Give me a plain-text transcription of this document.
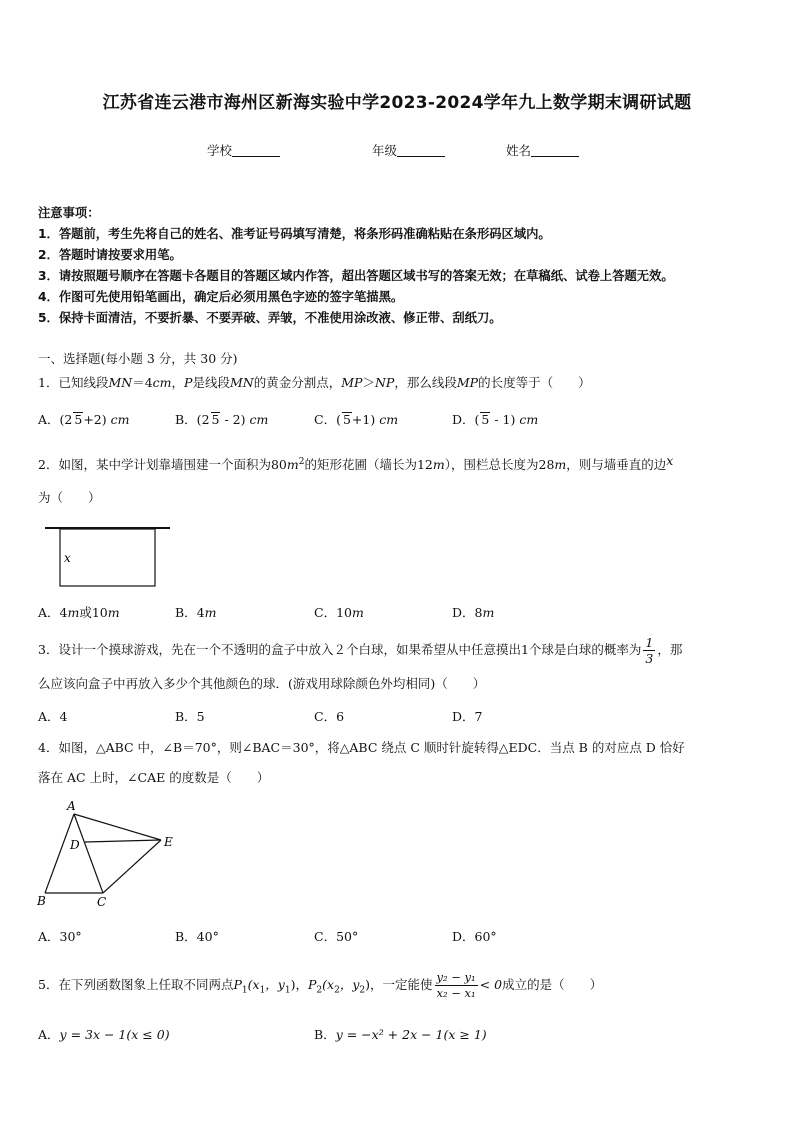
江苏省连云港市海州区新海实验中学2023-2024学年九上数学期末调研试题
学校	年级	姓名
注意事项：
1．答题前，考生先将自己的姓名、准考证号码填写清楚，将条形码准确粘贴在条形码区域内。
2．答题时请按要求用笔。
3．请按照题号顺序在答题卡各题目的答题区域内作答，超出答题区域书写的答案无效；在草稿纸、试卷上答题无效。
4．作图可先使用铅笔画出，确定后必须用黑色字迹的签字笔描黑。
5．保持卡面清洁，不要折暴、不要弄破、弄皱，不准使用涂改液、修正带、刮纸刀。
一、选择题(每小题 3 分，共 30 分)
1．已知线段MN＝4cm，P是线段MN的黄金分割点，MP＞NP，那么线段MP的长度等于（　　）
A．(2 5+2) cm	B．(2 5 - 2) cm	C．( 5+1) cm	D．( 5 - 1) cm
2．如图，某中学计划靠墙围建一个面积为$80m^2$的矩形花圃（墙长为12m），围栏总长度为28m，则与墙垂直的边x
为（　　）
x
A．4m或10m	B．4m	C．10m	D．8m
3．设计一个摸球游戏，先在一个不透明的盒子中放入２个白球，如果希望从中任意摸出1个球是白球的概率为 $\frac{1}{3}$ ，那
么应该向盒子中再放入多少个其他颜色的球．(游戏用球除颜色外均相同)（　　）
A．4	B．5	C．6	D．7
4．如图，△ABC 中，∠B＝70°，则∠BAC＝30°，将△ABC 绕点 C 顺时针旋转得△EDC．当点 B 的对应点 D 恰好
落在 AC 上时，∠CAE 的度数是（　　）
A
D	E
B	C
A．30°	B．40°	C．50°	D．60°
5．在下列函数图象上任取不同两点$P_1(x_1$，$y_1$)，$P_2(x_2$，$y_2$)，一定能使 $\frac{\text{y₂ − y₁}}{\text{x₂ − x₁}} < 0$成立的是（　　）
A．y = 3x − 1(x ≤ 0)	B．y = −x² + 2x − 1(x ≥ 1)
